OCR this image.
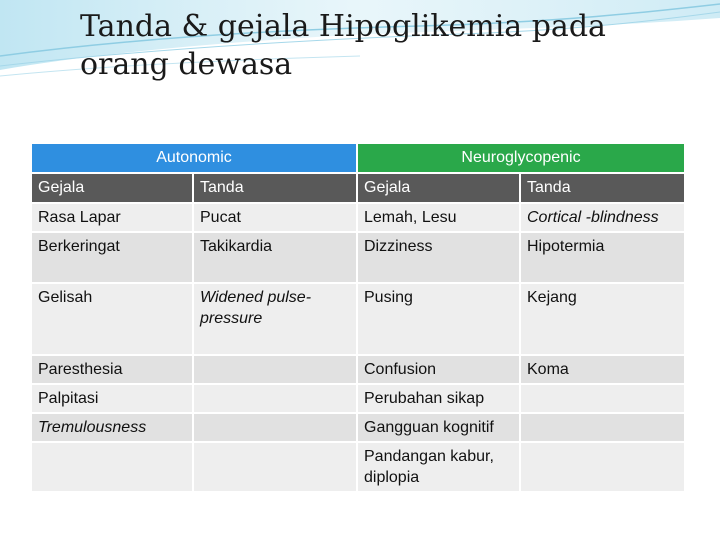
Tanda & gejala Hipoglikemia pada
orang dewasa
Autonomic		Neuroglycopenic	
Gejala	Tanda	Gejala	Tanda
Rasa Lapar	Pucat	Lemah, Lesu	Cortical -blindness
Berkeringat	Takikardia	Dizziness	Hipotermia
Gelisah	Widened pulse-pressure	Pusing	Kejang
Paresthesia		Confusion	Koma
Palpitasi		Perubahan sikap	
Tremulousness		Gangguan kognitif	
		Pandangan kabur, diplopia	
